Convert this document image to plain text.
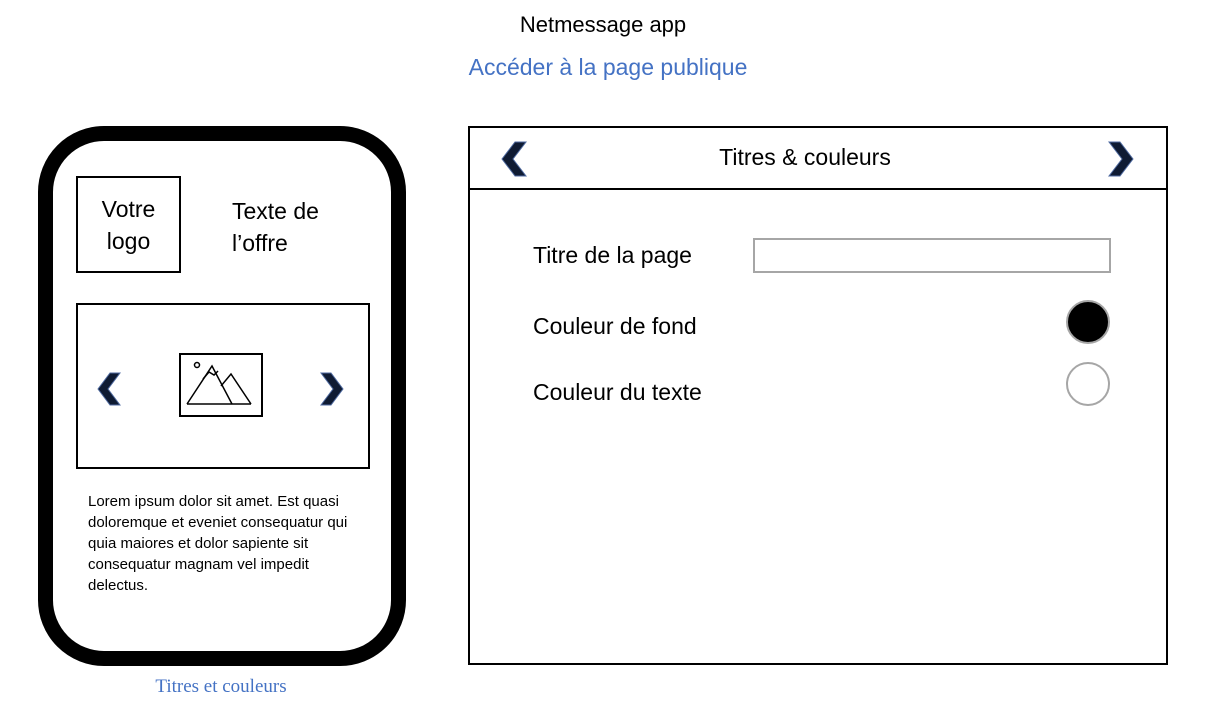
Netmessage app
Accéder à la page publique
Votre
logo
Texte de
l’offre
Lorem ipsum dolor sit amet. Est quasi doloremque et eveniet consequatur qui quia maiores et dolor sapiente sit consequatur magnam vel impedit delectus.
Titres et couleurs
Titres & couleurs
Titre de la page
Couleur de fond
Couleur du texte
